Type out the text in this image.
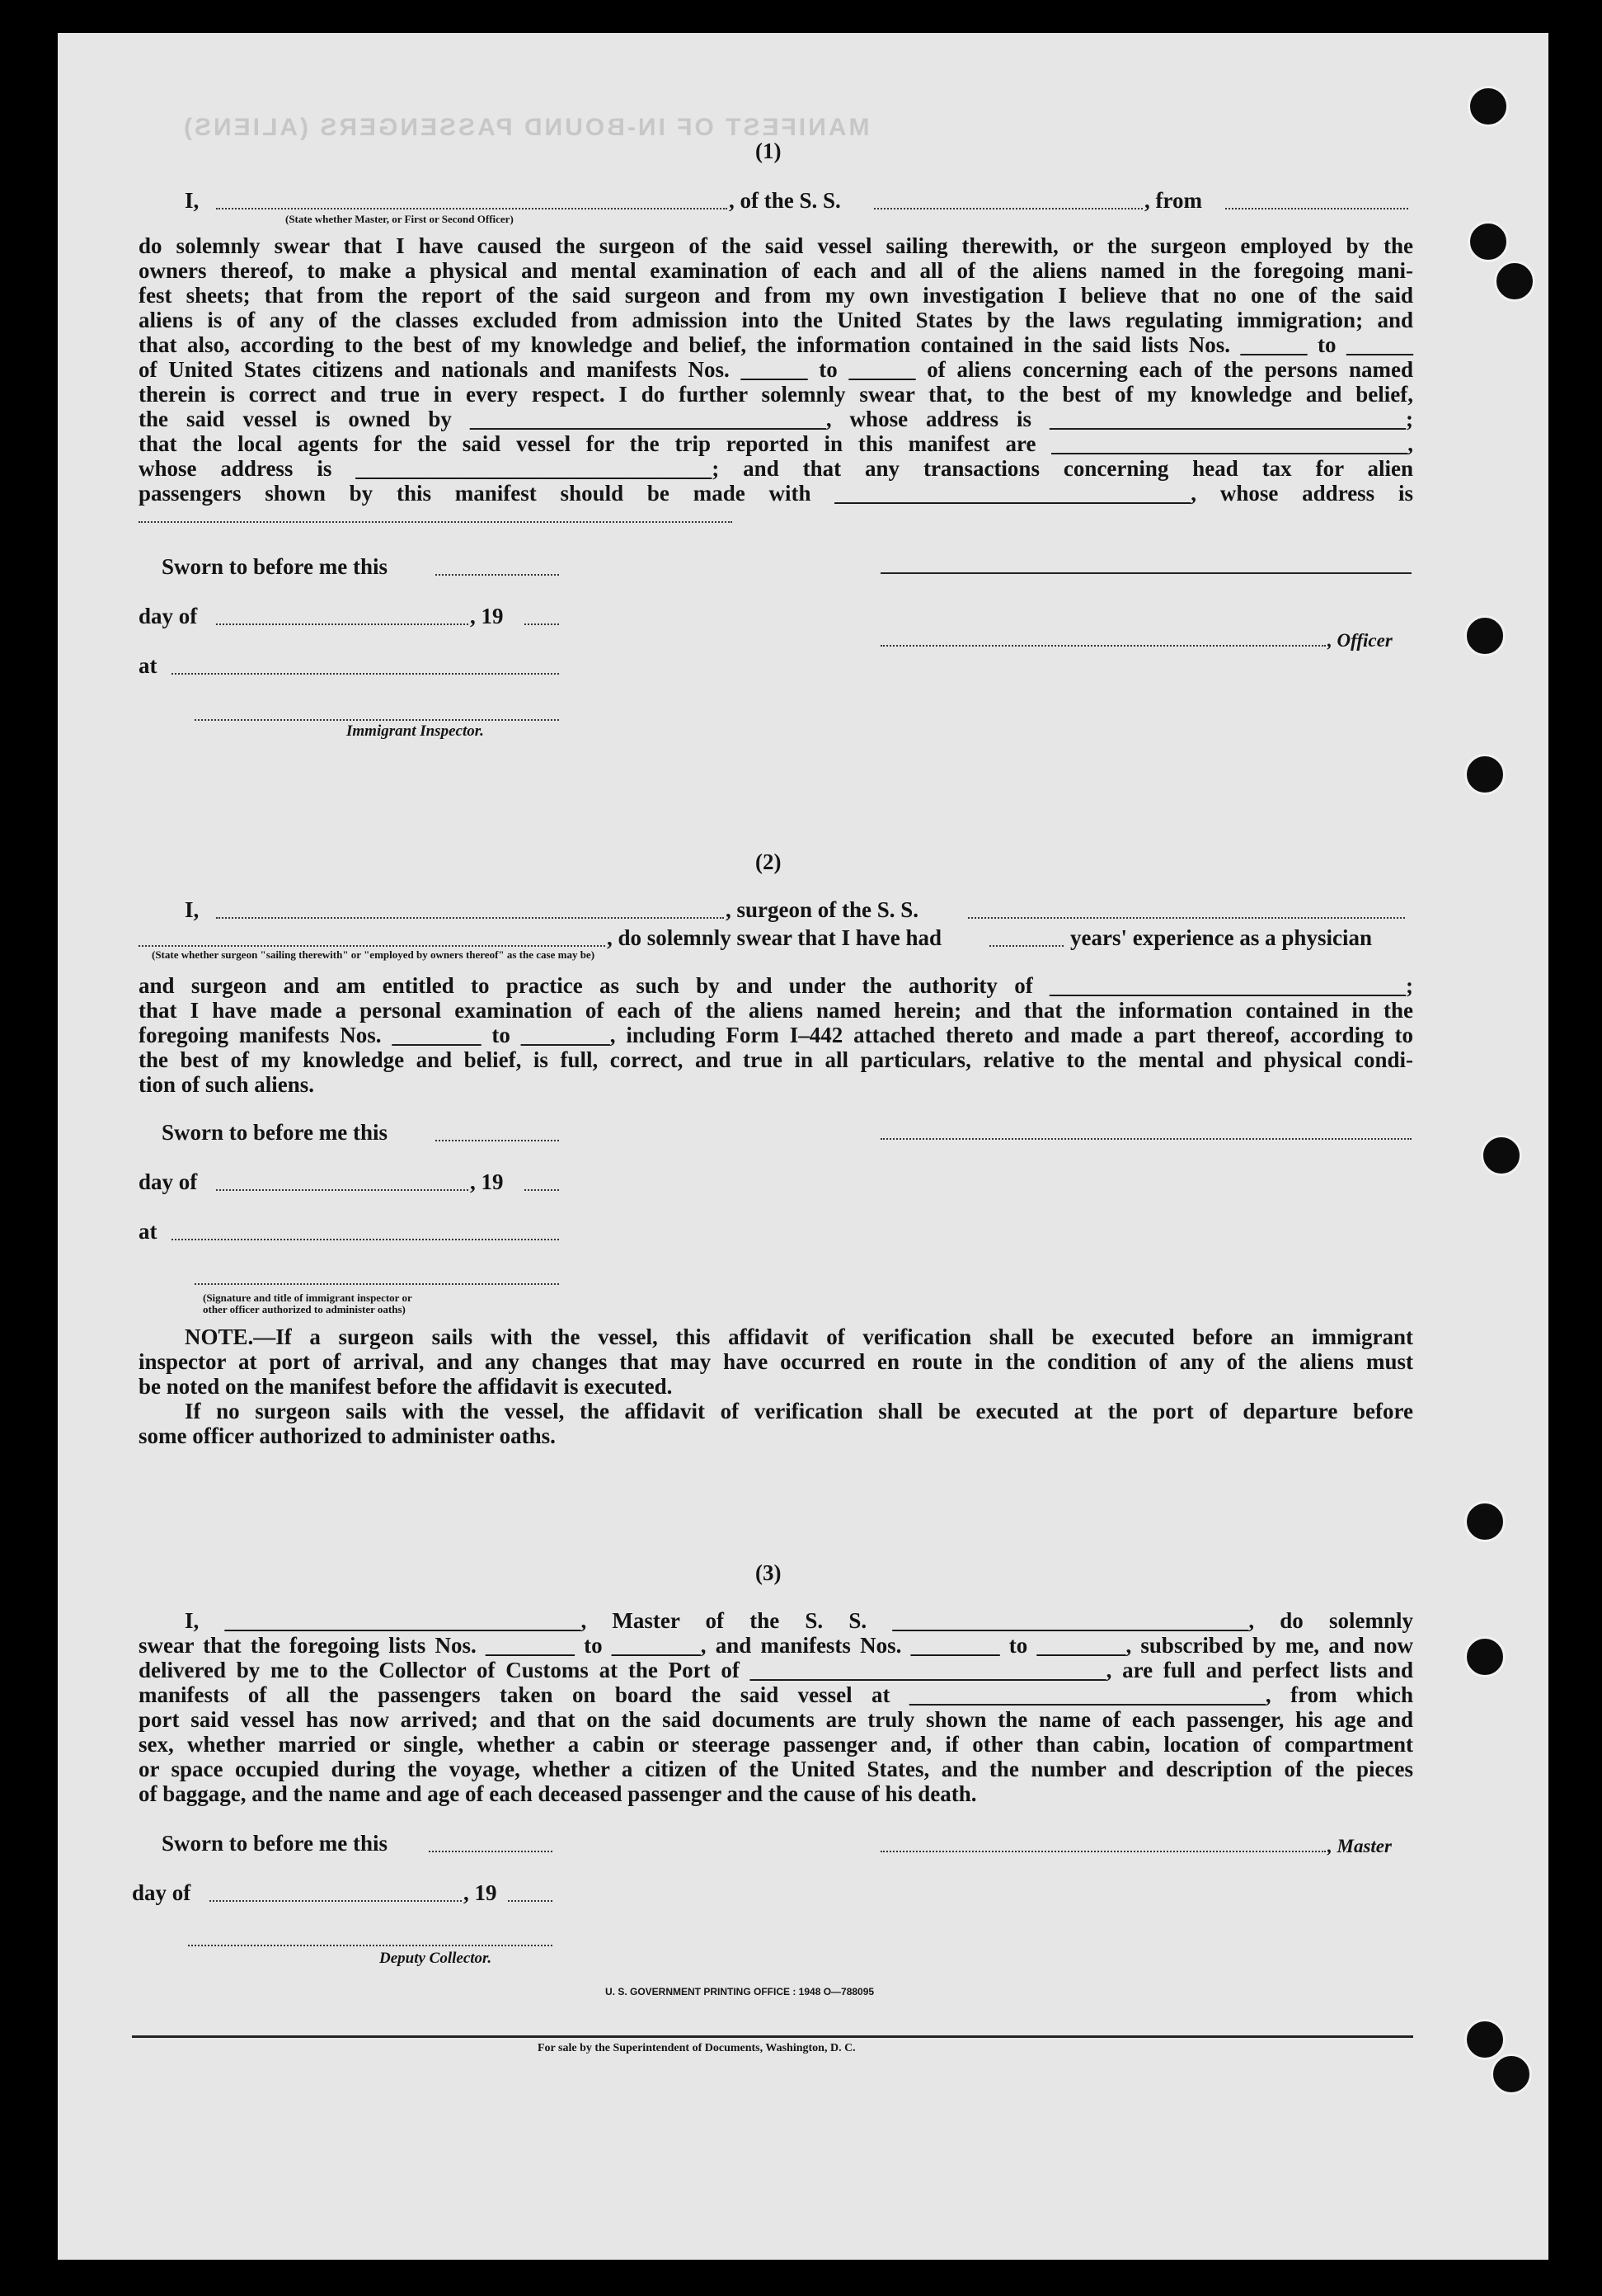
MANIFEST OF IN-BOUND PASSENGERS (ALIENS)
(1)
I,	, of the S. S.	, from
(State whether Master, or First or Second Officer)
do solemnly swear that I have caused the surgeon of the said vessel sailing therewith, or the surgeon employed by the
owners thereof, to make a physical and mental examination of each and all of the aliens named in the foregoing mani-
fest sheets; that from the report of the said surgeon and from my own investigation I believe that no one of the said
aliens is of any of the classes excluded from admission into the United States by the laws regulating immigration; and
that also, according to the best of my knowledge and belief, the information contained in the said lists Nos. ______ to ______
of United States citizens and nationals and manifests Nos. ______ to ______ of aliens concerning each of the persons named
therein is correct and true in every respect. I do further solemnly swear that, to the best of my knowledge and belief,
the said vessel is owned by ________________________________, whose address is ________________________________;
that the local agents for the said vessel for the trip reported in this manifest are ________________________________,
whose address is ________________________________; and that any transactions concerning head tax for alien
passengers shown by this manifest should be made with ________________________________, whose address is
Sworn to before me this
day of	, 19
, Officer
at
Immigrant Inspector.
(2)
I,	, surgeon of the S. S.
, do solemnly swear that I have had	years' experience as a physician
(State whether surgeon "sailing therewith" or "employed by owners thereof" as the case may be)
and surgeon and am entitled to practice as such by and under the authority of ________________________________;
that I have made a personal examination of each of the aliens named herein; and that the information contained in the
foregoing manifests Nos. ________ to ________, including Form I–442 attached thereto and made a part thereof, according to
the best of my knowledge and belief, is full, correct, and true in all particulars, relative to the mental and physical condi-
tion of such aliens.
Sworn to before me this
day of	, 19
at
(Signature and title of immigrant inspector or
other officer authorized to administer oaths)
NOTE.—If a surgeon sails with the vessel, this affidavit of verification shall be executed before an immigrant
inspector at port of arrival, and any changes that may have occurred en route in the condition of any of the aliens must
be noted on the manifest before the affidavit is executed.
If no surgeon sails with the vessel, the affidavit of verification shall be executed at the port of departure before
some officer authorized to administer oaths.
(3)
I, ________________________________, Master of the S. S. ________________________________, do solemnly
swear that the foregoing lists Nos. ________ to ________, and manifests Nos. ________ to ________, subscribed by me, and now
delivered by me to the Collector of Customs at the Port of ________________________________, are full and perfect lists and
manifests of all the passengers taken on board the said vessel at ________________________________, from which
port said vessel has now arrived; and that on the said documents are truly shown the name of each passenger, his age and
sex, whether married or single, whether a cabin or steerage passenger and, if other than cabin, location of compartment
or space occupied during the voyage, whether a citizen of the United States, and the number and description of the pieces
of baggage, and the name and age of each deceased passenger and the cause of his death.
Sworn to before me this	, Master
day of	, 19
Deputy Collector.
U. S. GOVERNMENT PRINTING OFFICE : 1948 O—788095
For sale by the Superintendent of Documents, Washington, D. C.
